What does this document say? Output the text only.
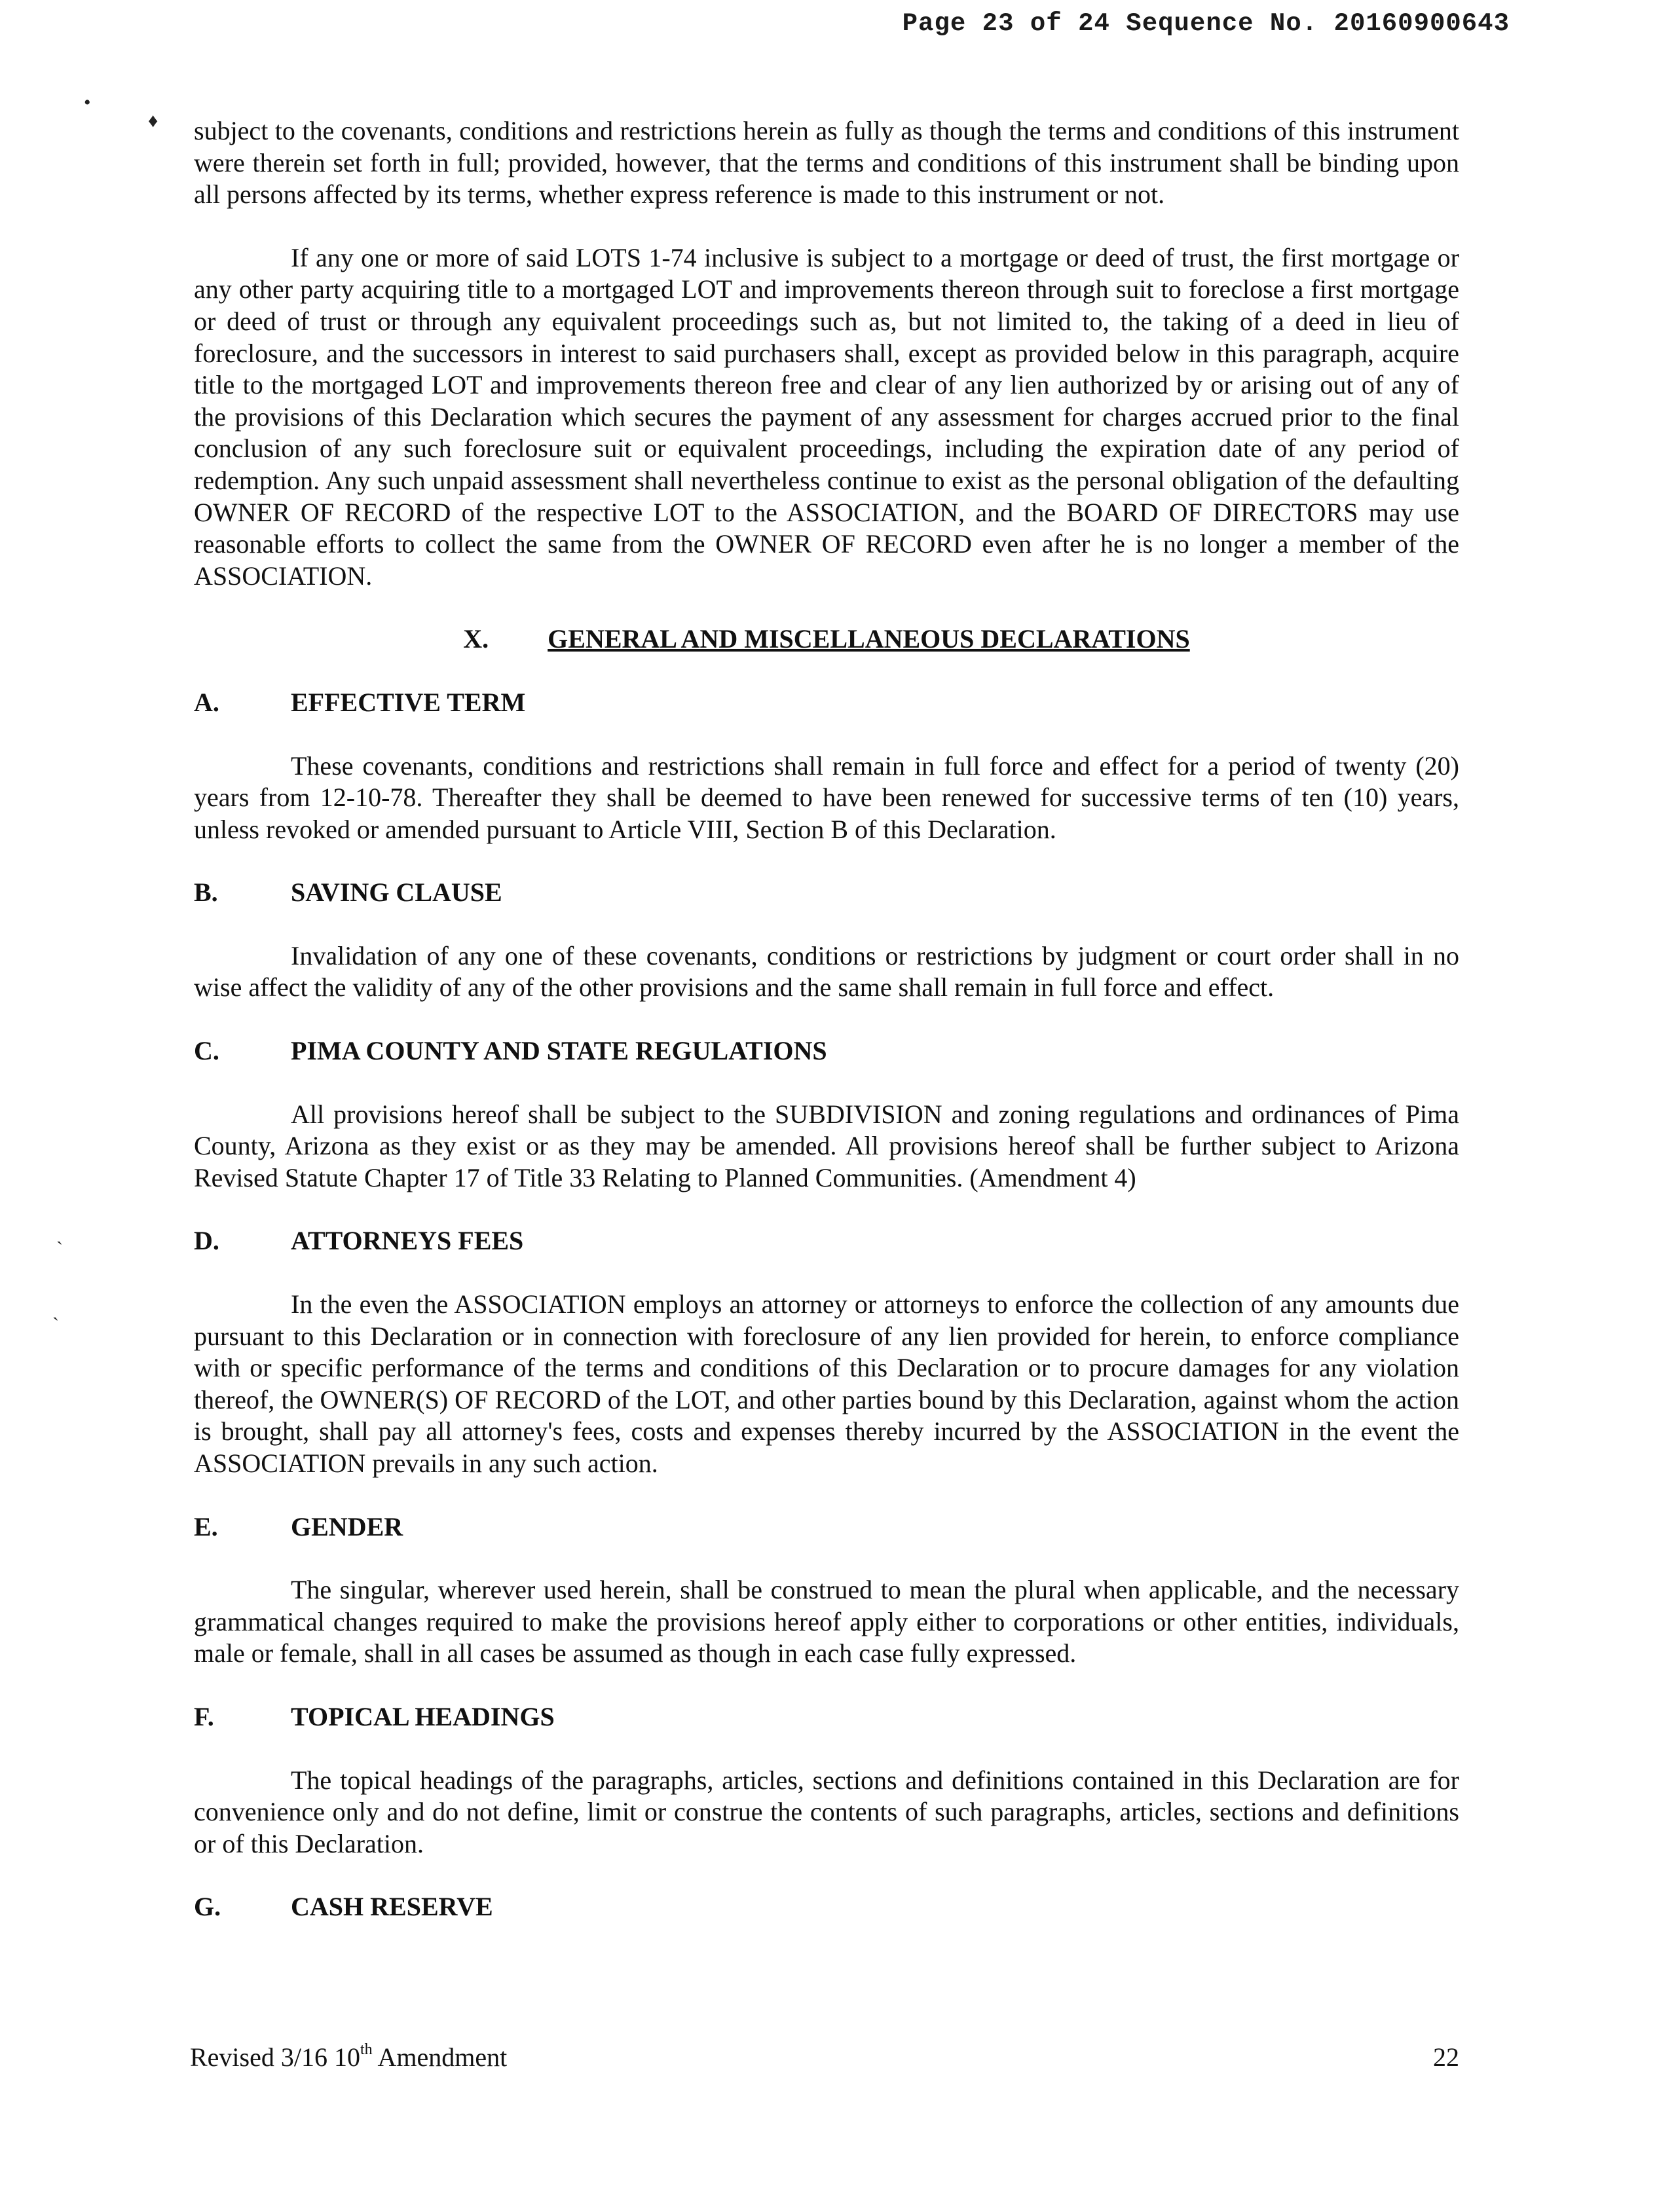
Page 23 of 24 Sequence No. 20160900643
•
♦
ˎ
ˏ

subject to the covenants, conditions and restrictions herein as fully as though the terms and conditions of this instrument were therein set forth in full; provided, however, that the terms and conditions of this instrument shall be binding upon all persons affected by its terms, whether express reference is made to this instrument or not.

If any one or more of said LOTS 1-74 inclusive is subject to a mortgage or deed of trust, the first mortgage or any other party acquiring title to a mortgaged LOT and improvements thereon through suit to foreclose a first mortgage or deed of trust or through any equivalent proceedings such as, but not limited to, the taking of a deed in lieu of foreclosure, and the successors in interest to said purchasers shall, except as provided below in this paragraph, acquire title to the mortgaged LOT and improvements thereon free and clear of any lien authorized by or arising out of any of the provisions of this Declaration which secures the payment of any assessment for charges accrued prior to the final conclusion of any such foreclosure suit or equivalent proceedings, including the expiration date of any period of redemption. Any such unpaid assessment shall nevertheless continue to exist as the personal obligation of the defaulting OWNER OF RECORD of the respective LOT to the ASSOCIATION, and the BOARD OF DIRECTORS may use reasonable efforts to collect the same from the OWNER OF RECORD even after he is no longer a member of the ASSOCIATION.

X. GENERAL AND MISCELLANEOUS DECLARATIONS
A.	EFFECTIVE TERM

These covenants, conditions and restrictions shall remain in full force and effect for a period of twenty (20) years from 12-10-78. Thereafter they shall be deemed to have been renewed for successive terms of ten (10) years, unless revoked or amended pursuant to Article VIII, Section B of this Declaration.

B.	SAVING CLAUSE

Invalidation of any one of these covenants, conditions or restrictions by judgment or court order shall in no wise affect the validity of any of the other provisions and the same shall remain in full force and effect.

C.	PIMA COUNTY AND STATE REGULATIONS

All provisions hereof shall be subject to the SUBDIVISION and zoning regulations and ordinances of Pima County, Arizona as they exist or as they may be amended. All provisions hereof shall be further subject to Arizona Revised Statute Chapter 17 of Title 33 Relating to Planned Communities. (Amendment 4)

D.	ATTORNEYS FEES

In the even the ASSOCIATION employs an attorney or attorneys to enforce the collection of any amounts due pursuant to this Declaration or in connection with foreclosure of any lien provided for herein, to enforce compliance with or specific performance of the terms and conditions of this Declaration or to procure damages for any violation thereof, the OWNER(S) OF RECORD of the LOT, and other parties bound by this Declaration, against whom the action is brought, shall pay all attorney's fees, costs and expenses thereby incurred by the ASSOCIATION in the event the ASSOCIATION prevails in any such action.

E.	GENDER

The singular, wherever used herein, shall be construed to mean the plural when applicable, and the necessary grammatical changes required to make the provisions hereof apply either to corporations or other entities, individuals, male or female, shall in all cases be assumed as though in each case fully expressed.

F.	TOPICAL HEADINGS

The topical headings of the paragraphs, articles, sections and definitions contained in this Declaration are for convenience only and do not define, limit or construe the contents of such paragraphs, articles, sections and definitions or of this Declaration.

G.	CASH RESERVE
Revised 3/16 10th Amendment	22
